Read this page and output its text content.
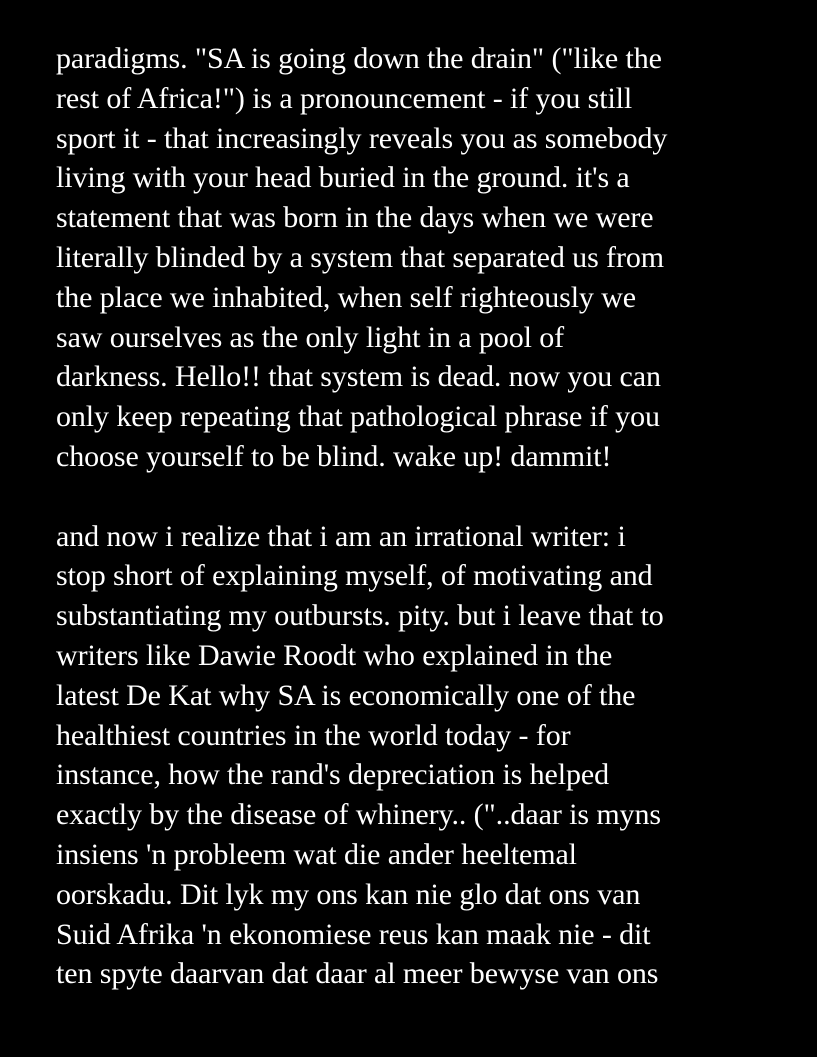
paradigms. "SA is going down the drain" ("like the
rest of Africa!") is a pronouncement - if you still
sport it - that increasingly reveals you as somebody
living with your head buried in the ground. it's a
statement that was born in the days when we were
literally blinded by a system that separated us from
the place we inhabited, when self righteously we
saw ourselves as the only light in a pool of
darkness. Hello!! that system is dead. now you can
only keep repeating that pathological phrase if you
choose yourself to be blind. wake up! dammit!
and now i realize that i am an irrational writer: i
stop short of explaining myself, of motivating and
substantiating my outbursts. pity. but i leave that to
writers like Dawie Roodt who explained in the
latest De Kat why SA is economically one of the
healthiest countries in the world today - for
instance, how the rand's depreciation is helped
exactly by the disease of whinery.. ("..daar is myns
insiens 'n probleem wat die ander heeltemal
oorskadu. Dit lyk my ons kan nie glo dat ons van
Suid Afrika 'n ekonomiese reus kan maak nie - dit
ten spyte daarvan dat daar al meer bewyse van ons
